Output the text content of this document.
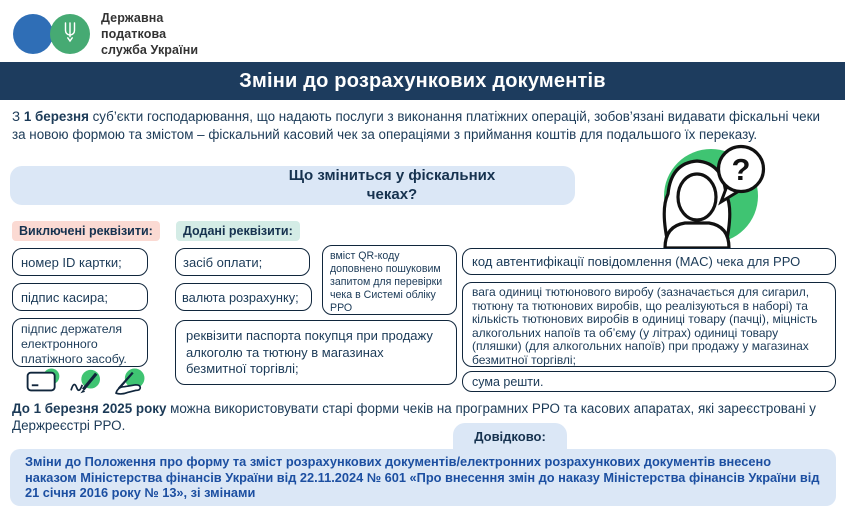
Державна
податкова
служба України
Зміни до розрахункових документів
З 1 березня суб’єкти господарювання, що надають послуги з виконання платіжних операцій, зобов’язані видавати фіскальні чеки за новою формою та змістом – фіскальний касовий чек за операціями з приймання коштів для подальшого їх переказу.
Що зміниться у фіскальних чеках?
?
Виключені реквізити:	Додані реквізити:
номер ID картки;
підпис касира;
підпис держателя електронного платіжного засобу.
засіб оплати;
валюта розрахунку;
реквізити паспорта покупця при продажу алкоголю та тютюну в магазинах безмитної торгівлі;
вміст QR-коду доповнено пошуковим запитом для перевірки чека в Системі обліку РРО
код автентифікації повідомлення (MAC) чека для РРО
вага одиниці тютюнового виробу (зазначається для сигарил, тютюну та тютюнових виробів, що реалізуються в наборі) та кількість тютюнових виробів в одиниці товару (пачці), міцність алкогольних напоїв та об’єму (у літрах) одиниці товару (пляшки) (для алкогольних напоїв) при продажу у магазинах безмитної торгівлі;
сума решти.
До 1 березня 2025 року можна використовувати старі форми чеків на програмних РРО та касових апаратах, які зареєстровані у Держреєстрі РРО.
Довідково:
Зміни до Положення про форму та зміст розрахункових документів/електронних розрахункових документів внесено наказом Міністерства фінансів України від 22.11.2024 № 601 «Про внесення змін до наказу Міністерства фінансів України від 21 січня 2016 року № 13», зі змінами
